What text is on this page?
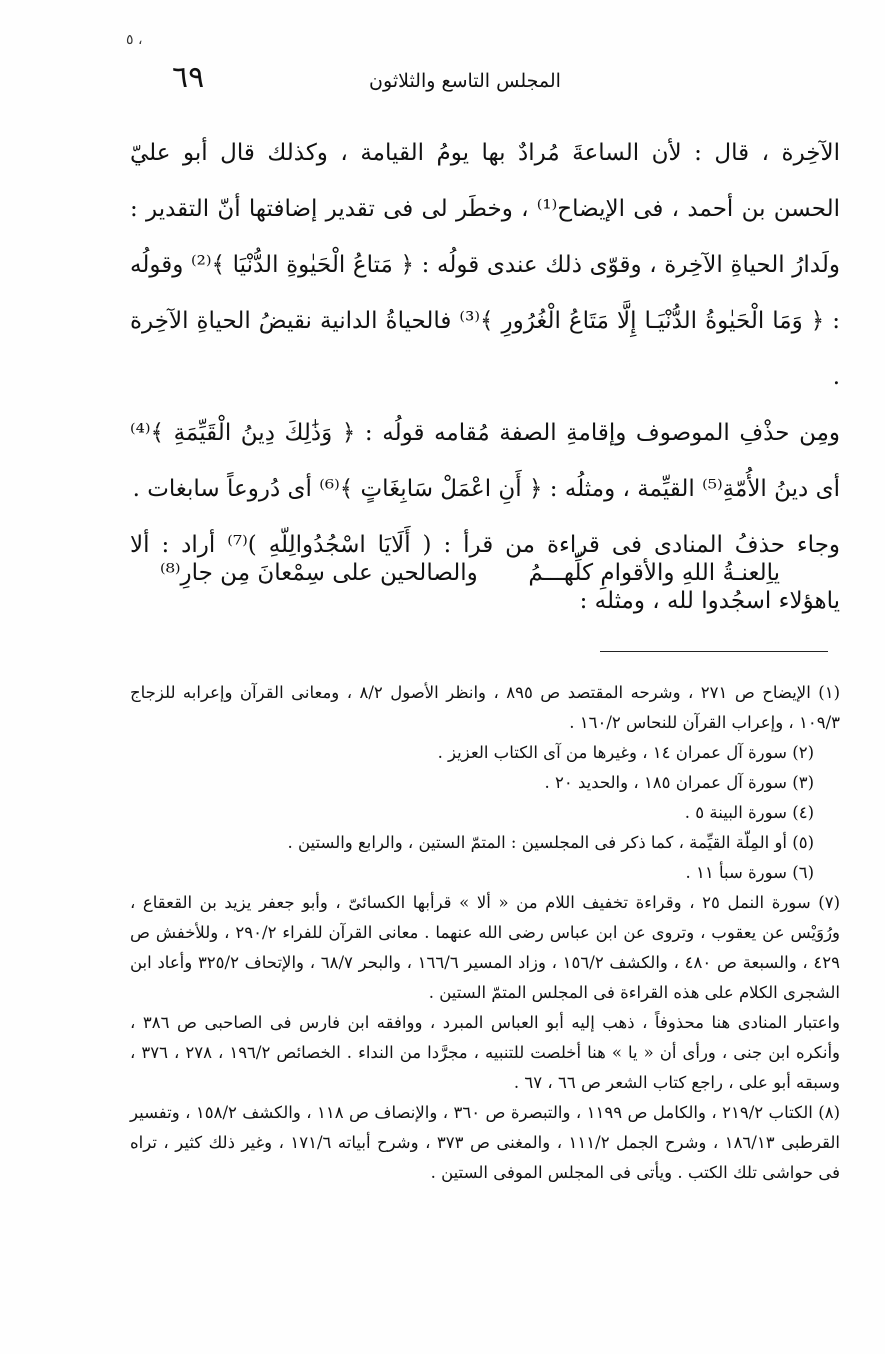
، ٥
٦٩	المجلس التاسع والثلاثون

الآخِرة ، قال : لأن الساعةَ مُرادٌ بها يومُ القيامة ، وكذلك قال أبو عليّ الحسن بن أحمد ، فى الإيضاح⁽¹⁾ ، وخطَر لى فى تقدير إضافتها أنّ التقدير : ولَدارُ الحياةِ الآخِرة ، وقوّى ذلك عندى قولُه : ﴿ مَتاعُ الْحَيٰوةِ الدُّنْيَا ﴾⁽²⁾ وقولُه : ﴿ وَمَا الْحَيٰوةُ الدُّنْيَـا إِلَّا مَتَاعُ الْغُرُورِ ﴾⁽³⁾ فالحياةُ الدانية نقيضُ الحياةِ الآخِرة .

ومِن حذْفِ الموصوف وإقامةِ الصفة مُقامه قولُه : ﴿ وَذَٰلِكَ دِينُ الْقَيِّمَةِ ﴾⁽⁴⁾ أى دينُ الأُمّةِ⁽⁵⁾ القيِّمة ، ومثلُه : ﴿ أَنِ اعْمَلْ سَابِغَاتٍ ﴾⁽⁶⁾ أى دُروعاً سابغات .

وجاء حذفُ المنادى فى قراءة من قرأ : ( أَلَايَا اسْجُدُوالِلّهِ )⁽⁷⁾ أراد : ألا ياهؤلاء اسجُدوا لله ، ومثله :

ياِلعنـةُ اللهِ والأقوامِ كلِّهـــمُ
والصالحين على سِمْعانَ مِن جارِ⁽⁸⁾

(١) الإيضاح ص ٢٧١ ، وشرحه المقتصد ص ٨٩٥ ، وانظر الأصول ٨/٢ ، ومعانى القرآن وإعرابه للزجاج ١٠٩/٣ ، وإعراب القرآن للنحاس ١٦٠/٢ .

(٢) سورة آل عمران ١٤ ، وغيرها من آى الكتاب العزيز .

(٣) سورة آل عمران ١٨٥ ، والحديد ٢٠ .

(٤) سورة البينة ٥ .

(٥) أو المِلّة القيِّمة ، كما ذكر فى المجلسين : المتمّ الستين ، والرابع والستين .

(٦) سورة سبأ ١١ .

(٧) سورة النمل ٢٥ ، وقراءة تخفيف اللام من « ألا » قرأبها الكسائىّ ، وأبو جعفر يزيد بن القعقاع ، ورُوَيْس عن يعقوب ، وتروى عن ابن عباس رضى الله عنهما . معانى القرآن للفراء ٢٩٠/٢ ، وللأخفش ص ٤٢٩ ، والسبعة ص ٤٨٠ ، والكشف ١٥٦/٢ ، وزاد المسير ١٦٦/٦ ، والبحر ٦٨/٧ ، والإتحاف ٣٢٥/٢ وأعاد ابن الشجرى الكلام على هذه القراءة فى المجلس المتمّ الستين .

واعتبار المنادى هنا محذوفاً ، ذهب إليه أبو العباس المبرد ، ووافقه ابن فارس فى الصاحبى ص ٣٨٦ ، وأنكره ابن جنى ، ورأى أن « يا » هنا أخلصت للتنبيه ، مجرَّدا من النداء . الخصائص ١٩٦/٢ ، ٢٧٨ ، ٣٧٦ ، وسبقه أبو على ، راجع كتاب الشعر ص ٦٦ ، ٦٧ .

(٨) الكتاب ٢١٩/٢ ، والكامل ص ١١٩٩ ، والتبصرة ص ٣٦٠ ، والإنصاف ص ١١٨ ، والكشف ١٥٨/٢ ، وتفسير القرطبى ١٨٦/١٣ ، وشرح الجمل ١١١/٢ ، والمغنى ص ٣٧٣ ، وشرح أبياته ١٧١/٦ ، وغير ذلك كثير ، تراه فى حواشى تلك الكتب . ويأتى فى المجلس الموفى الستين .
